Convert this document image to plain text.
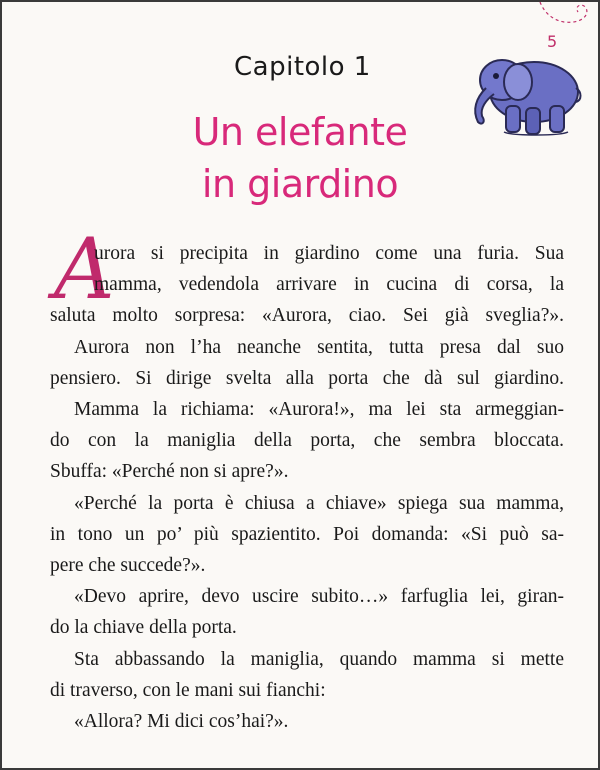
5
Capitolo 1
Un elefante
in giardino
A

urora si precipita in giardino come una furia. Sua
mamma, vedendola arrivare in cucina di corsa, la
saluta molto sorpresa: «Aurora, ciao. Sei già sveglia?».

Aurora non l’ha neanche sentita, tutta presa dal suo
pensiero. Si dirige svelta alla porta che dà sul giardino.

Mamma la richiama: «Aurora!», ma lei sta armeggian-
do con la maniglia della porta, che sembra bloccata.
Sbuffa: «Perché non si apre?».

«Perché la porta è chiusa a chiave» spiega sua mamma,
in tono un po’ più spazientito. Poi domanda: «Si può sa-
pere che succede?».

«Devo aprire, devo uscire subito…» farfuglia lei, giran-
do la chiave della porta.

Sta abbassando la maniglia, quando mamma si mette
di traverso, con le mani sui fianchi:

«Allora? Mi dici cos’hai?».
